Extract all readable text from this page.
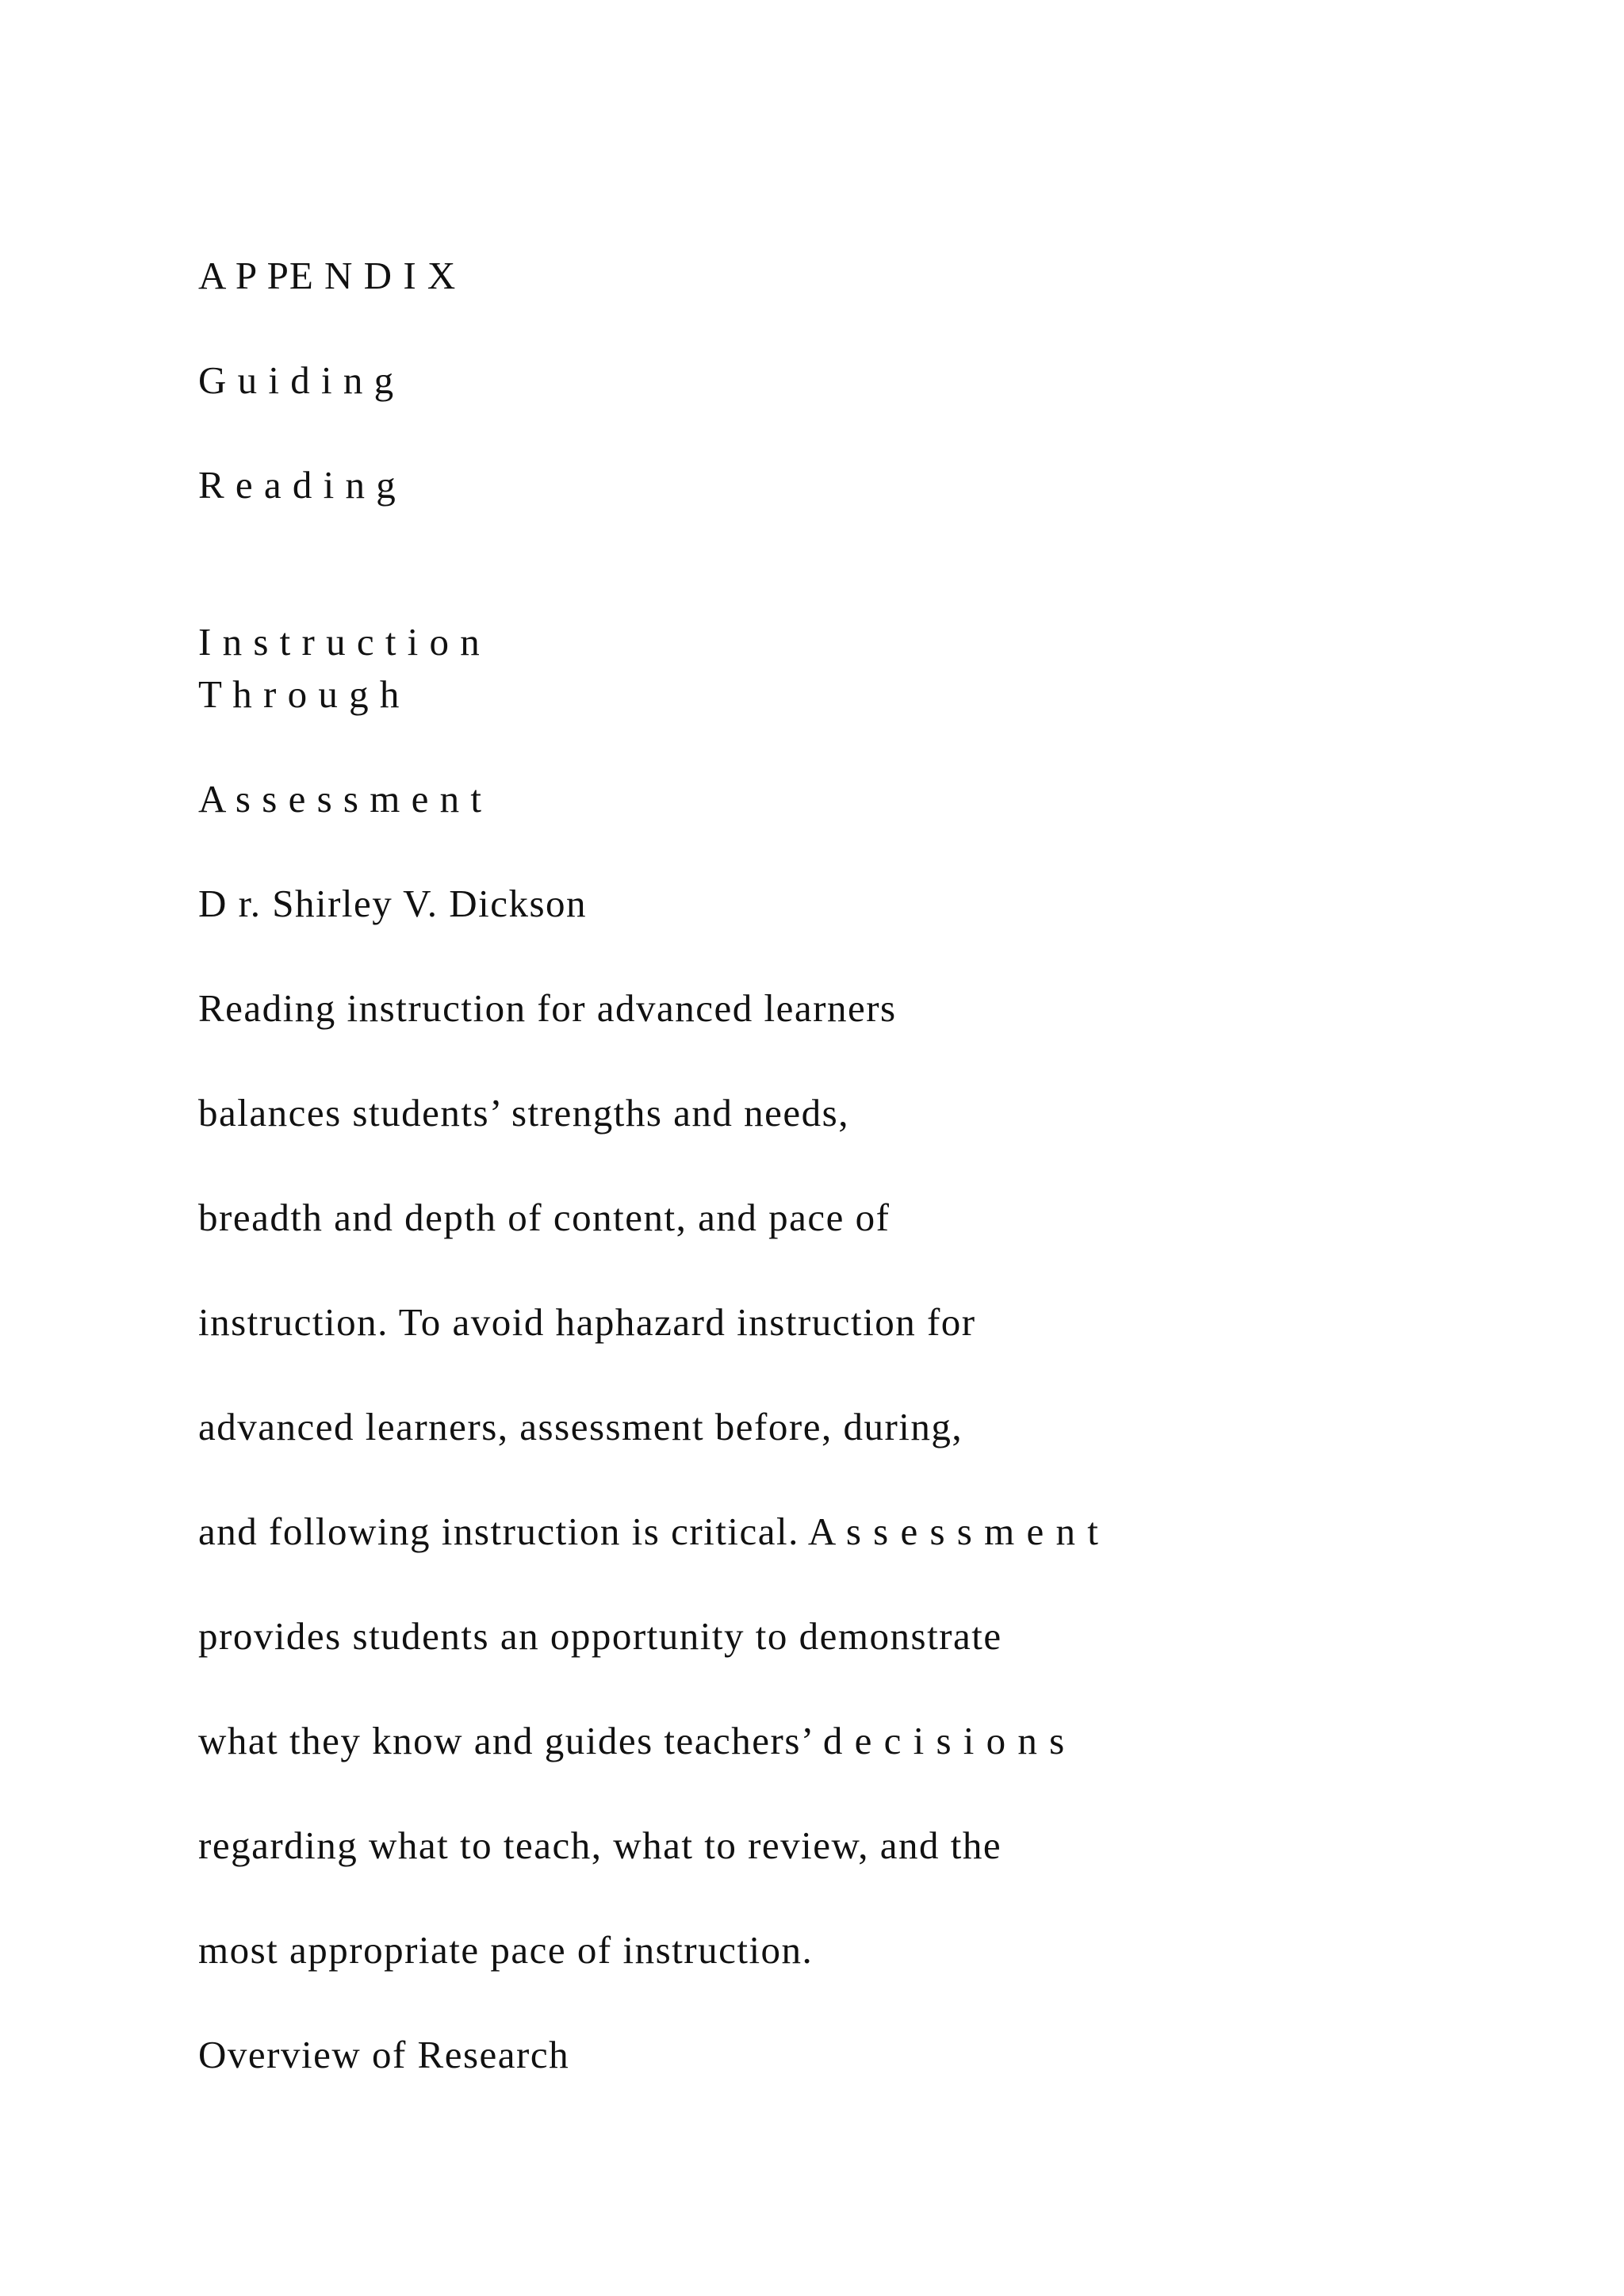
A P PE N D I X

G u i d i n g

R e a d i n g

I n s t r u c t i o n

T h r o u g h

A s s e s s m e n t

D r. Shirley V. Dickson

Reading instruction for advanced learners

balances students’ strengths and needs,

breadth and depth of content, and pace of

instruction. To avoid haphazard instruction for

advanced learners, assessment before, during,

and following instruction is critical. A s s e s s m e n t

provides students an opportunity to demonstrate

what they know and guides teachers’ d e c i s i o n s

regarding what to teach, what to review, and the

most appropriate pace of instruction.

Overview of Research
